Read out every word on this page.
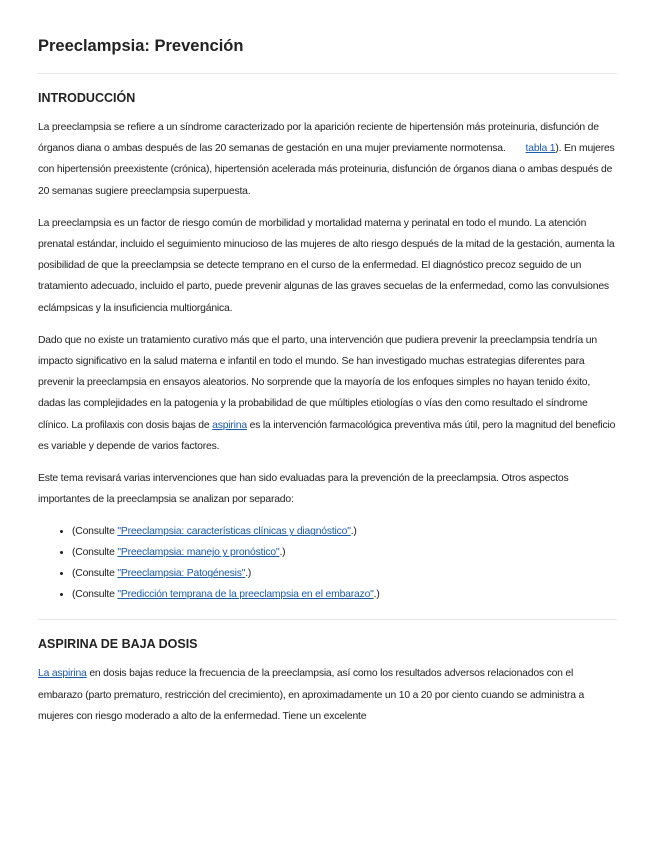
Preeclampsia: Prevención
INTRODUCCIÓN

La preeclampsia se refiere a un síndrome caracterizado por la aparición reciente de hipertensión más proteinuria, disfunción de órganos diana o ambas después de las 20 semanas de gestación en una mujer previamente normotensa. tabla 1). En mujeres con hipertensión preexistente (crónica), hipertensión acelerada más proteinuria, disfunción de órganos diana o ambas después de 20 semanas sugiere preeclampsia superpuesta.

La preeclampsia es un factor de riesgo común de morbilidad y mortalidad materna y perinatal en todo el mundo. La atención prenatal estándar, incluido el seguimiento minucioso de las mujeres de alto riesgo después de la mitad de la gestación, aumenta la posibilidad de que la preeclampsia se detecte temprano en el curso de la enfermedad. El diagnóstico precoz seguido de un tratamiento adecuado, incluido el parto, puede prevenir algunas de las graves secuelas de la enfermedad, como las convulsiones eclámpsicas y la insuficiencia multiorgánica.

Dado que no existe un tratamiento curativo más que el parto, una intervención que pudiera prevenir la preeclampsia tendría un impacto significativo en la salud materna e infantil en todo el mundo. Se han investigado muchas estrategias diferentes para prevenir la preeclampsia en ensayos aleatorios. No sorprende que la mayoría de los enfoques simples no hayan tenido éxito, dadas las complejidades en la patogenia y la probabilidad de que múltiples etiologías o vías den como resultado el síndrome clínico. La profilaxis con dosis bajas de aspirina es la intervención farmacológica preventiva más útil, pero la magnitud del beneficio es variable y depende de varios factores.

Este tema revisará varias intervenciones que han sido evaluadas para la prevención de la preeclampsia. Otros aspectos importantes de la preeclampsia se analizan por separado:

• (Consulte "Preeclampsia: características clínicas y diagnóstico".)
• (Consulte "Preeclampsia: manejo y pronóstico".)
• (Consulte "Preeclampsia: Patogénesis".)
• (Consulte "Predicción temprana de la preeclampsia en el embarazo".)
ASPIRINA DE BAJA DOSIS

La aspirina en dosis bajas reduce la frecuencia de la preeclampsia, así como los resultados adversos relacionados con el embarazo (parto prematuro, restricción del crecimiento), en aproximadamente un 10 a 20 por ciento cuando se administra a mujeres con riesgo moderado a alto de la enfermedad. Tiene un excelente
